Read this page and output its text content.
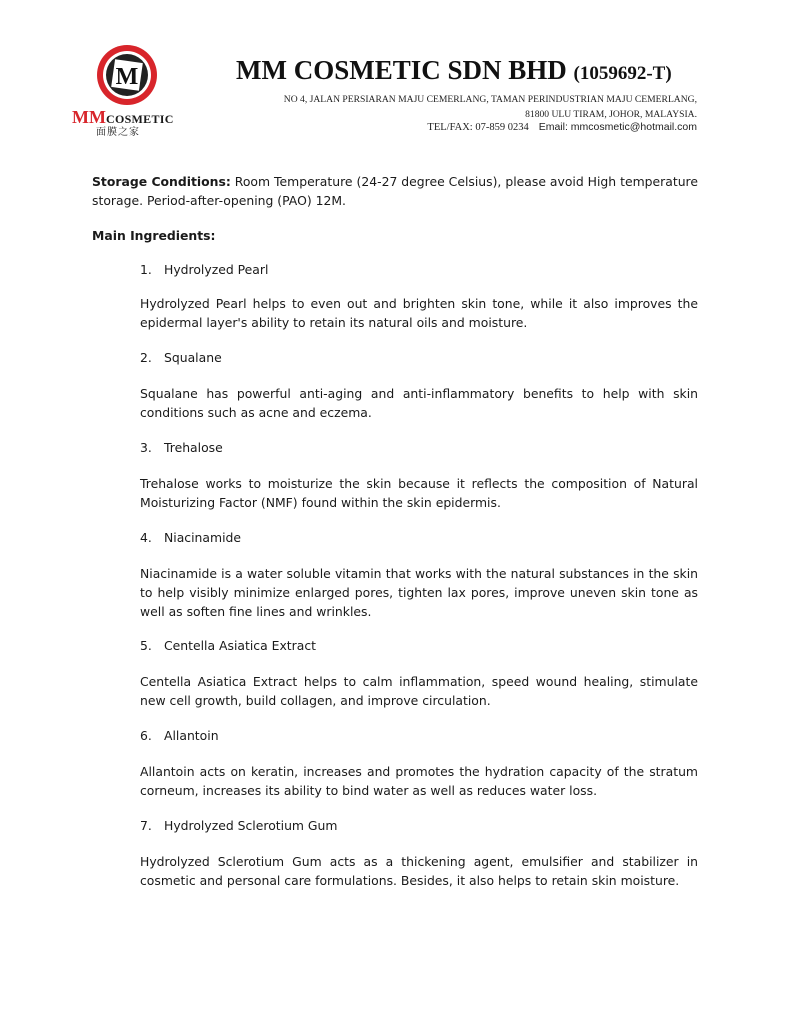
M
MMCOSMETIC
面膜之家
MM COSMETIC SDN BHD (1059692-T)
NO 4, JALAN PERSIARAN MAJU CEMERLANG, TAMAN PERINDUSTRIAN MAJU CEMERLANG,
81800 ULU TIRAM, JOHOR, MALAYSIA.
TEL/FAX: 07-859 0234 Email: mmcosmetic@hotmail.com
Storage Conditions: Room Temperature (24-27 degree Celsius), please avoid High temperature storage. Period-after-opening (PAO) 12M.
Main Ingredients:
1. Hydrolyzed Pearl
Hydrolyzed Pearl helps to even out and brighten skin tone, while it also improves the epidermal layer's ability to retain its natural oils and moisture.
2. Squalane
Squalane has powerful anti-aging and anti-inflammatory benefits to help with skin conditions such as acne and eczema.
3. Trehalose
Trehalose works to moisturize the skin because it reflects the composition of Natural Moisturizing Factor (NMF) found within the skin epidermis.
4. Niacinamide
Niacinamide is a water soluble vitamin that works with the natural substances in the skin to help visibly minimize enlarged pores, tighten lax pores, improve uneven skin tone as well as soften fine lines and wrinkles.
5. Centella Asiatica Extract
Centella Asiatica Extract helps to calm inflammation, speed wound healing, stimulate new cell growth, build collagen, and improve circulation.
6. Allantoin
Allantoin acts on keratin, increases and promotes the hydration capacity of the stratum corneum, increases its ability to bind water as well as reduces water loss.
7. Hydrolyzed Sclerotium Gum
Hydrolyzed Sclerotium Gum acts as a thickening agent, emulsifier and stabilizer in cosmetic and personal care formulations. Besides, it also helps to retain skin moisture.
